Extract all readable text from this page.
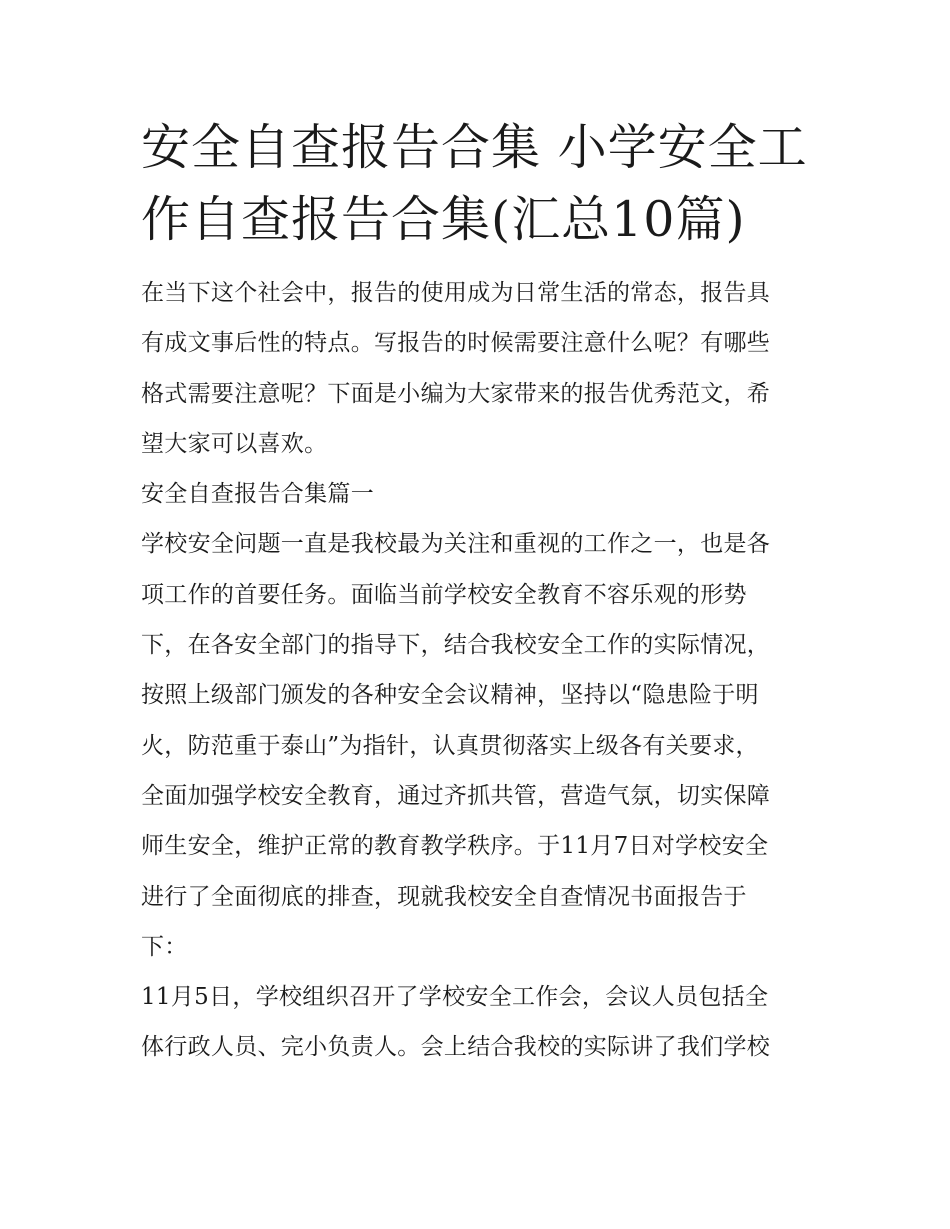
安全自查报告合集 小学安全工
作自查报告合集(汇总10篇)

在当下这个社会中，报告的使用成为日常生活的常态，报告具
有成文事后性的特点。写报告的时候需要注意什么呢？有哪些
格式需要注意呢？下面是小编为大家带来的报告优秀范文，希
望大家可以喜欢。

安全自查报告合集篇一

学校安全问题一直是我校最为关注和重视的工作之一，也是各
项工作的首要任务。面临当前学校安全教育不容乐观的形势
下，在各安全部门的指导下，结合我校安全工作的实际情况，
按照上级部门颁发的各种安全会议精神，坚持以“隐患险于明
火，防范重于泰山”为指针，认真贯彻落实上级各有关要求，
全面加强学校安全教育，通过齐抓共管，营造气氛，切实保障
师生安全，维护正常的教育教学秩序。于11月7日对学校安全
进行了全面彻底的排查，现就我校安全自查情况书面报告于
下：

11月5日，学校组织召开了学校安全工作会，会议人员包括全
体行政人员、完小负责人。会上结合我校的实际讲了我们学校
